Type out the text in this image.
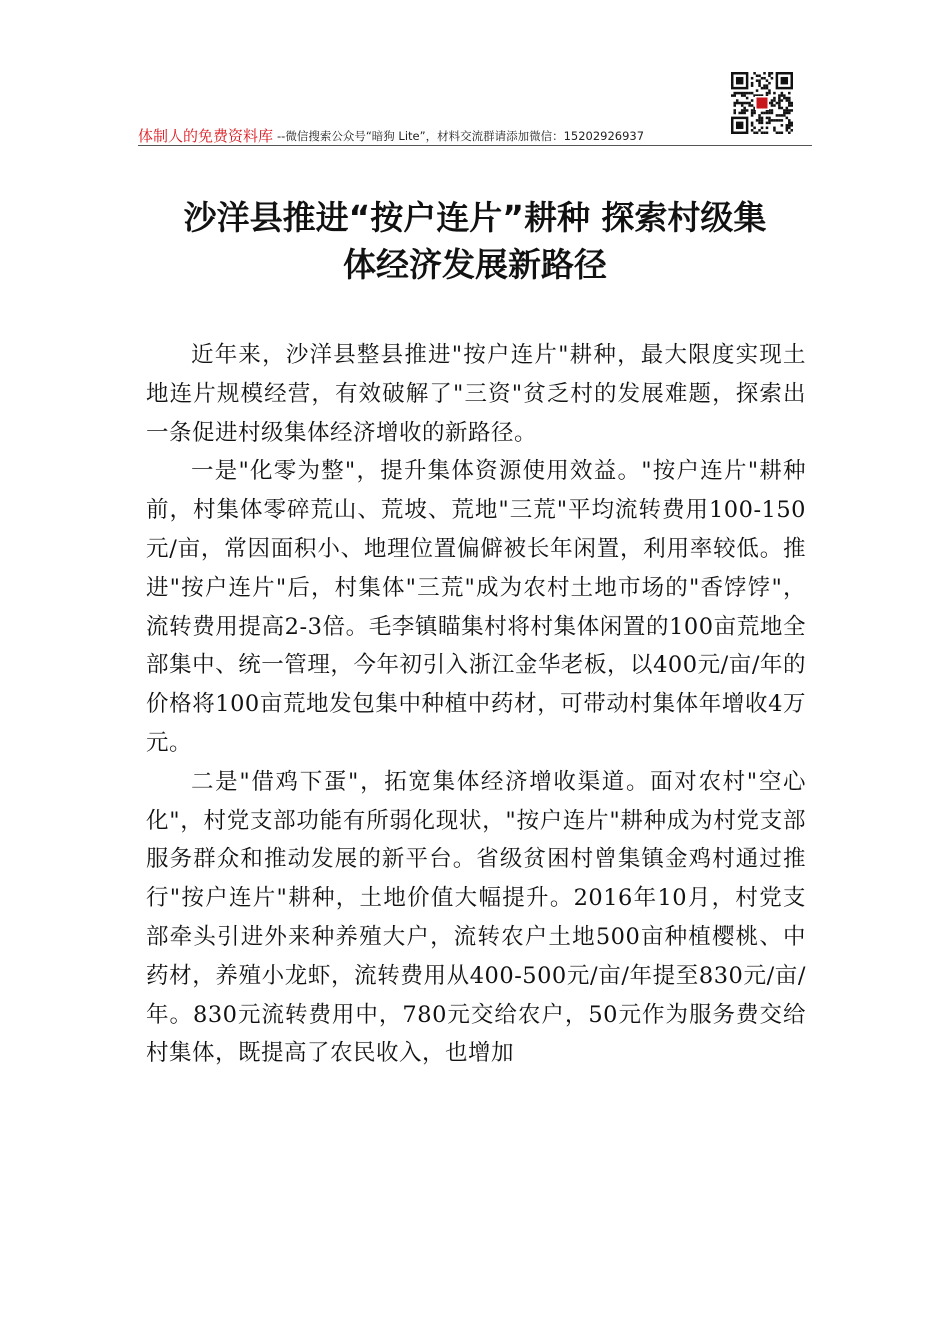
体制人的免费资料库 --微信搜索公众号“暗狗 Lite”，材料交流群请添加微信：15202926937
沙洋县推进“按户连片”耕种 探索村级集
体经济发展新路径

近年来，沙洋县整县推进"按户连片"耕种，最大限度实现土地连片规模经营，有效破解了"三资"贫乏村的发展难题，探索出一条促进村级集体经济增收的新路径。

一是"化零为整"，提升集体资源使用效益。"按户连片"耕种前，村集体零碎荒山、荒坡、荒地"三荒"平均流转费用100-150元/亩，常因面积小、地理位置偏僻被长年闲置，利用率较低。推进"按户连片"后，村集体"三荒"成为农村土地市场的"香饽饽"，流转费用提高2-3倍。毛李镇瞄集村将村集体闲置的100亩荒地全部集中、统一管理，今年初引入浙江金华老板，以400元/亩/年的价格将100亩荒地发包集中种植中药材，可带动村集体年增收4万元。

二是"借鸡下蛋"，拓宽集体经济增收渠道。面对农村"空心化"，村党支部功能有所弱化现状，"按户连片"耕种成为村党支部服务群众和推动发展的新平台。省级贫困村曾集镇金鸡村通过推行"按户连片"耕种，土地价值大幅提升。2016年10月，村党支部牵头引进外来种养殖大户，流转农户土地500亩种植樱桃、中药材，养殖小龙虾，流转费用从400-500元/亩/年提至830元/亩/年。830元流转费用中，780元交给农户，50元作为服务费交给村集体，既提高了农民收入，也增加
